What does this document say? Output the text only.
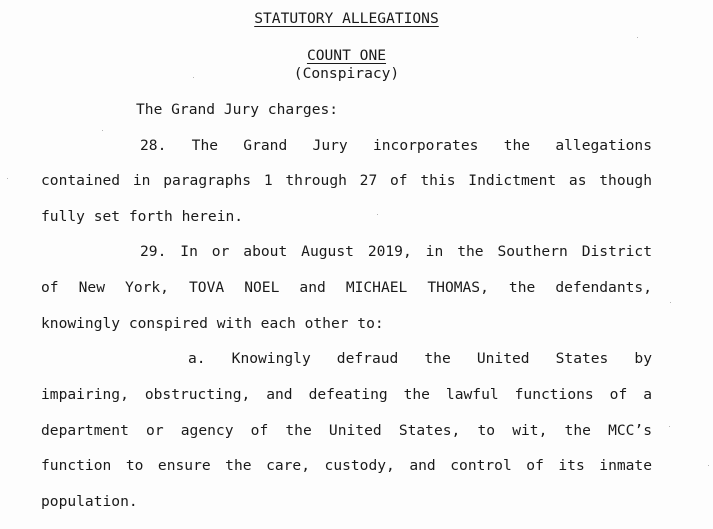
STATUTORY ALLEGATIONS
COUNT ONE
(Conspiracy)
The Grand Jury charges:
28. The Grand Jury incorporates the allegations
contained in paragraphs 1 through 27 of this Indictment as though
fully set forth herein.
29. In or about August 2019, in the Southern District
of New York, TOVA NOEL and MICHAEL THOMAS, the defendants,
knowingly conspired with each other to:
a. Knowingly defraud the United States by
impairing, obstructing, and defeating the lawful functions of a
department or agency of the United States, to wit, the MCC’s
function to ensure the care, custody, and control of its inmate
population.
